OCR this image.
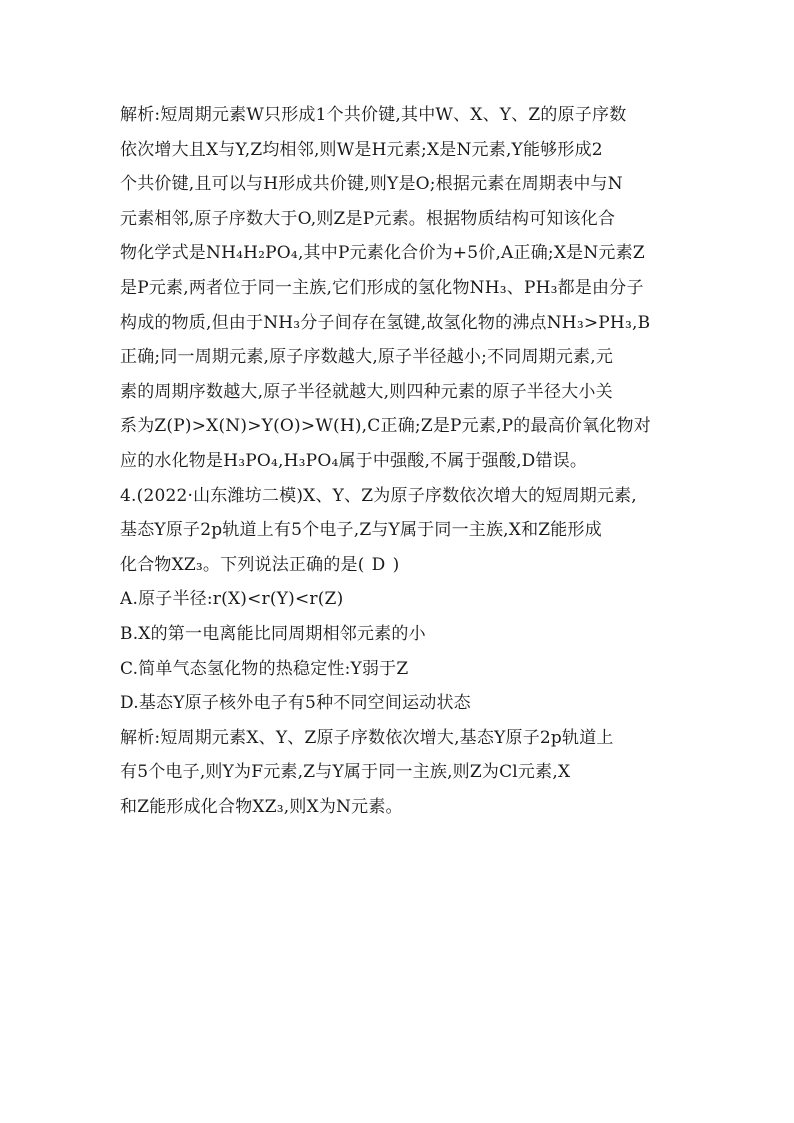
解析:短周期元素W只形成1个共价键,其中W、X、Y、Z的原子序数
依次增大且X与Y,Z均相邻,则W是H元素;X是N元素,Y能够形成2
个共价键,且可以与H形成共价键,则Y是O;根据元素在周期表中与N
元素相邻,原子序数大于O,则Z是P元素。根据物质结构可知该化合
物化学式是NH₄H₂PO₄,其中P元素化合价为+5价,A正确;X是N元素Z
是P元素,两者位于同一主族,它们形成的氢化物NH₃、PH₃都是由分子
构成的物质,但由于NH₃分子间存在氢键,故氢化物的沸点NH₃>PH₃,B
正确;同一周期元素,原子序数越大,原子半径越小;不同周期元素,元
素的周期序数越大,原子半径就越大,则四种元素的原子半径大小关
系为Z(P)>X(N)>Y(O)>W(H),C正确;Z是P元素,P的最高价氧化物对
应的水化物是H₃PO₄,H₃PO₄属于中强酸,不属于强酸,D错误。
4.(2022·山东潍坊二模)X、Y、Z为原子序数依次增大的短周期元素,
基态Y原子2p轨道上有5个电子,Z与Y属于同一主族,X和Z能形成
化合物XZ₃。下列说法正确的是( D )
A.原子半径:r(X)<r(Y)<r(Z)
B.X的第一电离能比同周期相邻元素的小
C.简单气态氢化物的热稳定性:Y弱于Z
D.基态Y原子核外电子有5种不同空间运动状态
解析:短周期元素X、Y、Z原子序数依次增大,基态Y原子2p轨道上
有5个电子,则Y为F元素,Z与Y属于同一主族,则Z为Cl元素,X
和Z能形成化合物XZ₃,则X为N元素。
